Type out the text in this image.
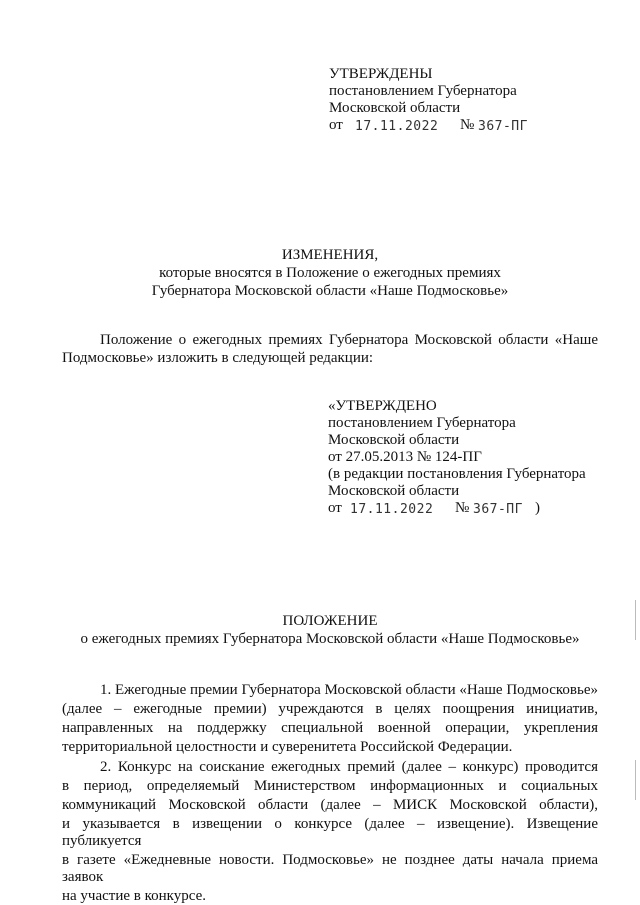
УТВЕРЖДЕНЫ
постановлением Губернатора
Московской области
от 17.11.2022 № 367-ПГ
ИЗМЕНЕНИЯ,
которые вносятся в Положение о ежегодных премиях
Губернатора Московской области «Наше Подмосковье»
Положение о ежегодных премиях Губернатора Московской области «Наше
Подмосковье» изложить в следующей редакции:
«УТВЕРЖДЕНО
постановлением Губернатора
Московской области
от 27.05.2013 № 124-ПГ
(в редакции постановления Губернатора
Московской области
от 17.11.2022 № 367-ПГ )
ПОЛОЖЕНИЕ
о ежегодных премиях Губернатора Московской области «Наше Подмосковье»
1. Ежегодные премии Губернатора Московской области «Наше Подмосковье»
(далее – ежегодные премии) учреждаются в целях поощрения инициатив,
направленных на поддержку специальной военной операции, укрепления
территориальной целостности и суверенитета Российской Федерации.
2. Конкурс на соискание ежегодных премий (далее – конкурс) проводится
в период, определяемый Министерством информационных и социальных
коммуникаций Московской области (далее – МИСК Московской области),
и указывается в извещении о конкурсе (далее – извещение). Извещение публикуется
в газете «Ежедневные новости. Подмосковье» не позднее даты начала приема заявок
на участие в конкурсе.
